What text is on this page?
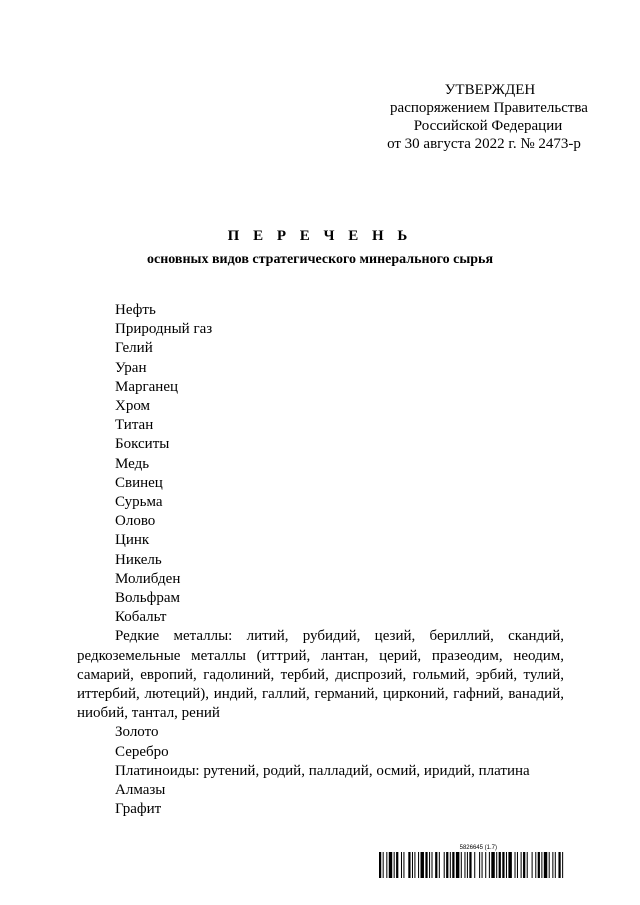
УТВЕРЖДЕН
распоряжением Правительства
Российской Федерации
от 30 августа 2022 г. № 2473-р
П Е Р Е Ч Е Н Ь
основных видов стратегического минерального сырья
Нефть
Природный газ
Гелий
Уран
Марганец
Хром
Титан
Бокситы
Медь
Свинец
Сурьма
Олово
Цинк
Никель
Молибден
Вольфрам
Кобальт
Редкие металлы: литий, рубидий, цезий, бериллий, скандий, редкоземельные металлы (иттрий, лантан, церий, празеодим, неодим, самарий, европий, гадолиний, тербий, диспрозий, гольмий, эрбий, тулий, иттербий, лютеций), индий, галлий, германий, цирконий, гафний, ванадий, ниобий, тантал, рений
Золото
Серебро
Платиноиды: рутений, родий, палладий, осмий, иридий, платина
Алмазы
Графит
5826645 (1.7)
